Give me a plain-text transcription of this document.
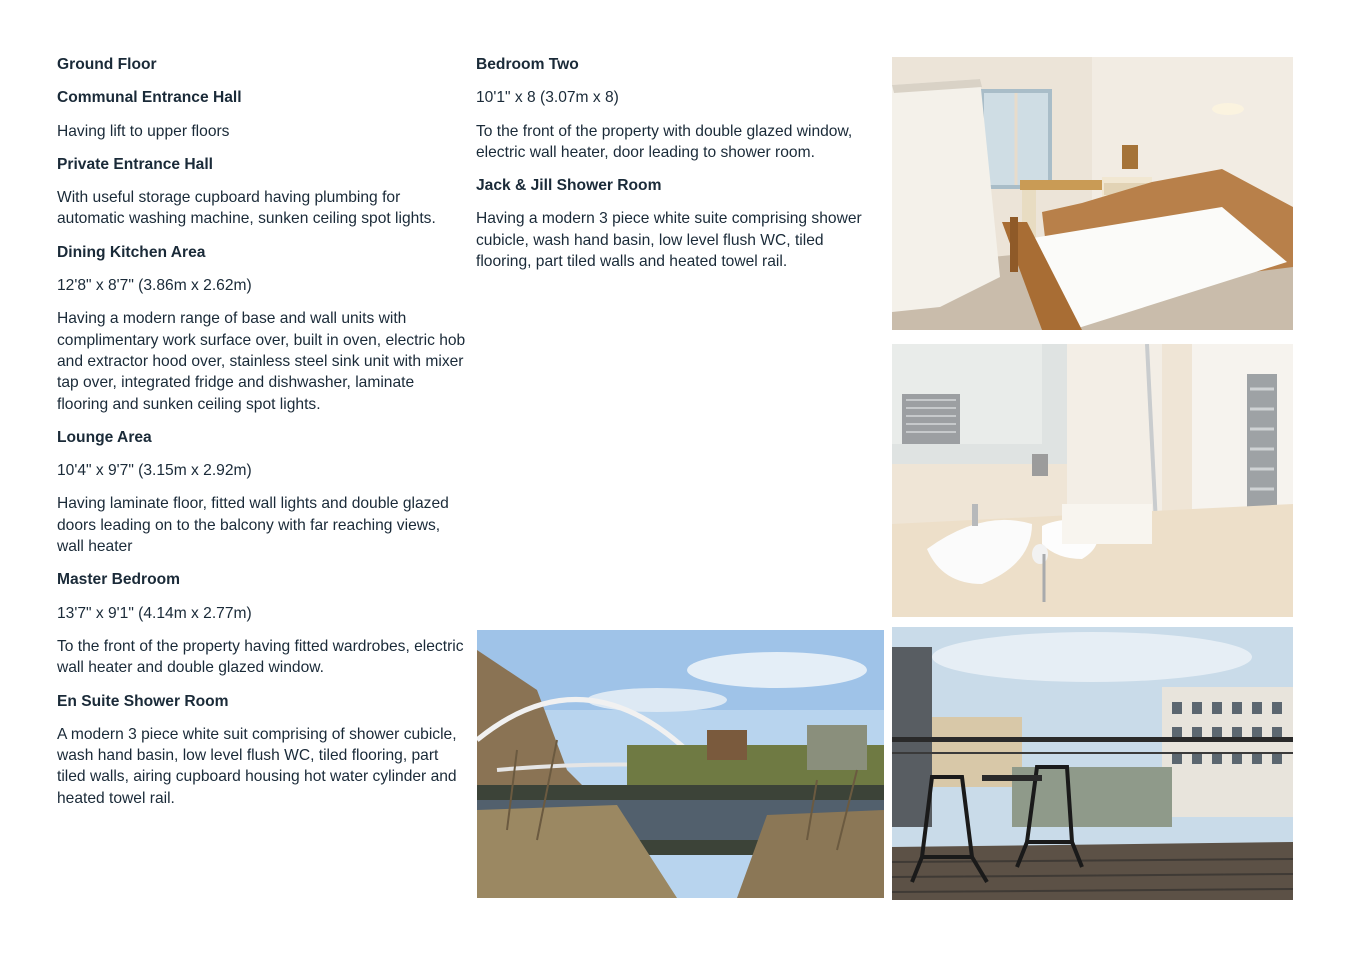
Ground Floor

Communal Entrance Hall

Having lift to upper floors

Private Entrance Hall

With useful storage cupboard having plumbing for automatic washing machine, sunken ceiling spot lights.

Dining Kitchen Area

12'8" x 8'7" (3.86m x 2.62m)

Having a modern range of base and wall units with complimentary work surface over, built in oven, electric hob and extractor hood over, stainless steel sink unit with mixer tap over, integrated fridge and dishwasher, laminate flooring and sunken ceiling spot lights.

Lounge Area

10'4" x 9'7" (3.15m x 2.92m)

Having laminate floor, fitted wall lights and double glazed doors leading on to the balcony with far reaching views, wall heater

Master Bedroom

13'7" x 9'1" (4.14m x 2.77m)

To the front of the property having fitted wardrobes, electric wall heater and double glazed window.

En Suite Shower Room

A modern 3 piece white suit comprising of shower cubicle, wash hand basin, low level flush WC, tiled flooring, part tiled walls, airing cupboard housing hot water cylinder and heated towel rail.

Bedroom Two

10'1" x 8 (3.07m x 8)

To the front of the property with double glazed window, electric wall heater, door leading to shower room.

Jack & Jill Shower Room

Having a modern 3 piece white suite comprising shower cubicle, wash hand basin, low level flush WC, tiled flooring, part tiled walls and heated towel rail.
